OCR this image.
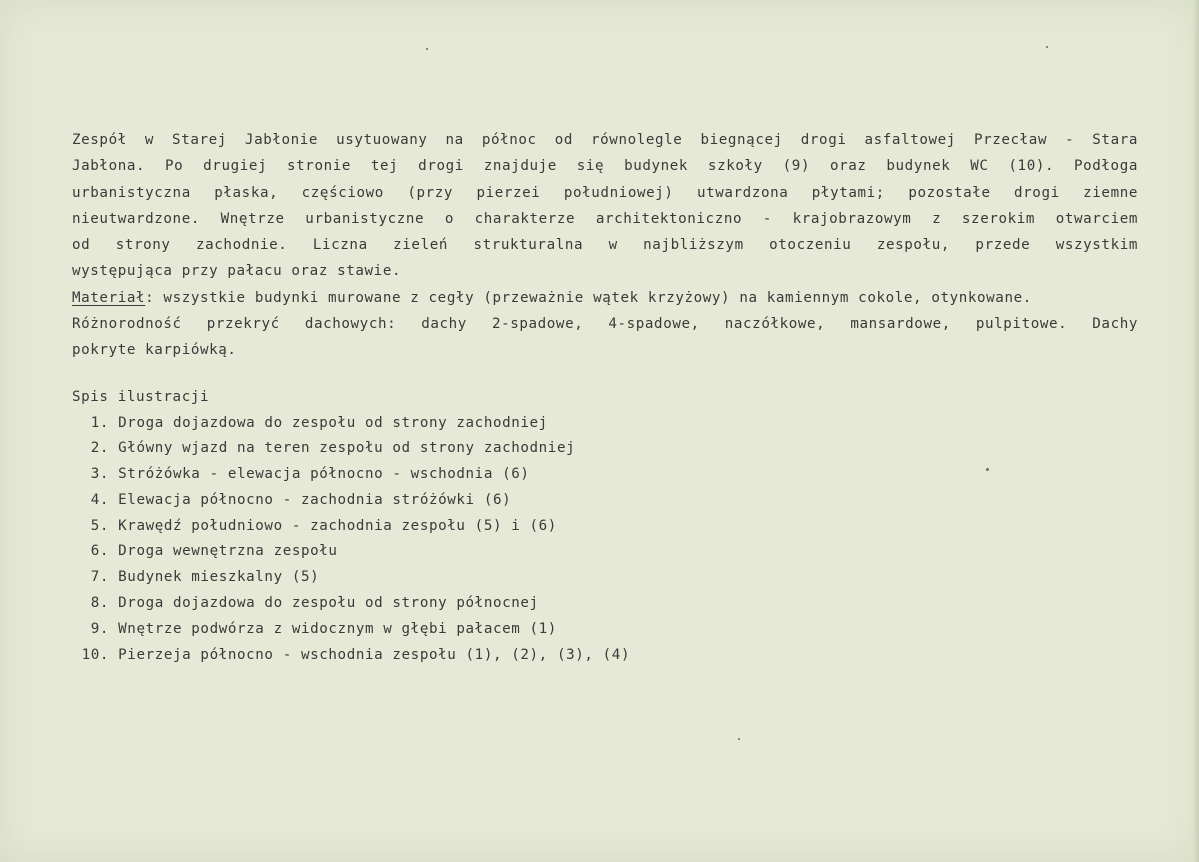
Zespół w Starej Jabłonie usytuowany na północ od równolegle biegnącej drogi asfaltowej Przecław - Stara
Jabłona. Po drugiej stronie tej drogi znajduje się budynek szkoły (9) oraz budynek WC (10). Podłoga
urbanistyczna płaska, częściowo (przy pierzei południowej) utwardzona płytami; pozostałe drogi ziemne
nieutwardzone. Wnętrze urbanistyczne o charakterze architektoniczno - krajobrazowym z szerokim otwarciem
od strony zachodnie. Liczna zieleń strukturalna w najbliższym otoczeniu zespołu, przede wszystkim
występująca przy pałacu oraz stawie.
Materiał: wszystkie budynki murowane z cegły (przeważnie wątek krzyżowy) na kamiennym cokole, otynkowane.
Różnorodność przekryć dachowych: dachy 2-spadowe, 4-spadowe, naczółkowe, mansardowe, pulpitowe. Dachy
pokryte karpiówką.
Spis ilustracji
1. Droga dojazdowa do zespołu od strony zachodniej
2. Główny wjazd na teren zespołu od strony zachodniej
3. Stróżówka - elewacja północno - wschodnia (6)
4. Elewacja północno - zachodnia stróżówki (6)
5. Krawędź południowo - zachodnia zespołu (5) i (6)
6. Droga wewnętrzna zespołu
7. Budynek mieszkalny (5)
8. Droga dojazdowa do zespołu od strony północnej
9. Wnętrze podwórza z widocznym w głębi pałacem (1)
10. Pierzeja północno - wschodnia zespołu (1), (2), (3), (4)
